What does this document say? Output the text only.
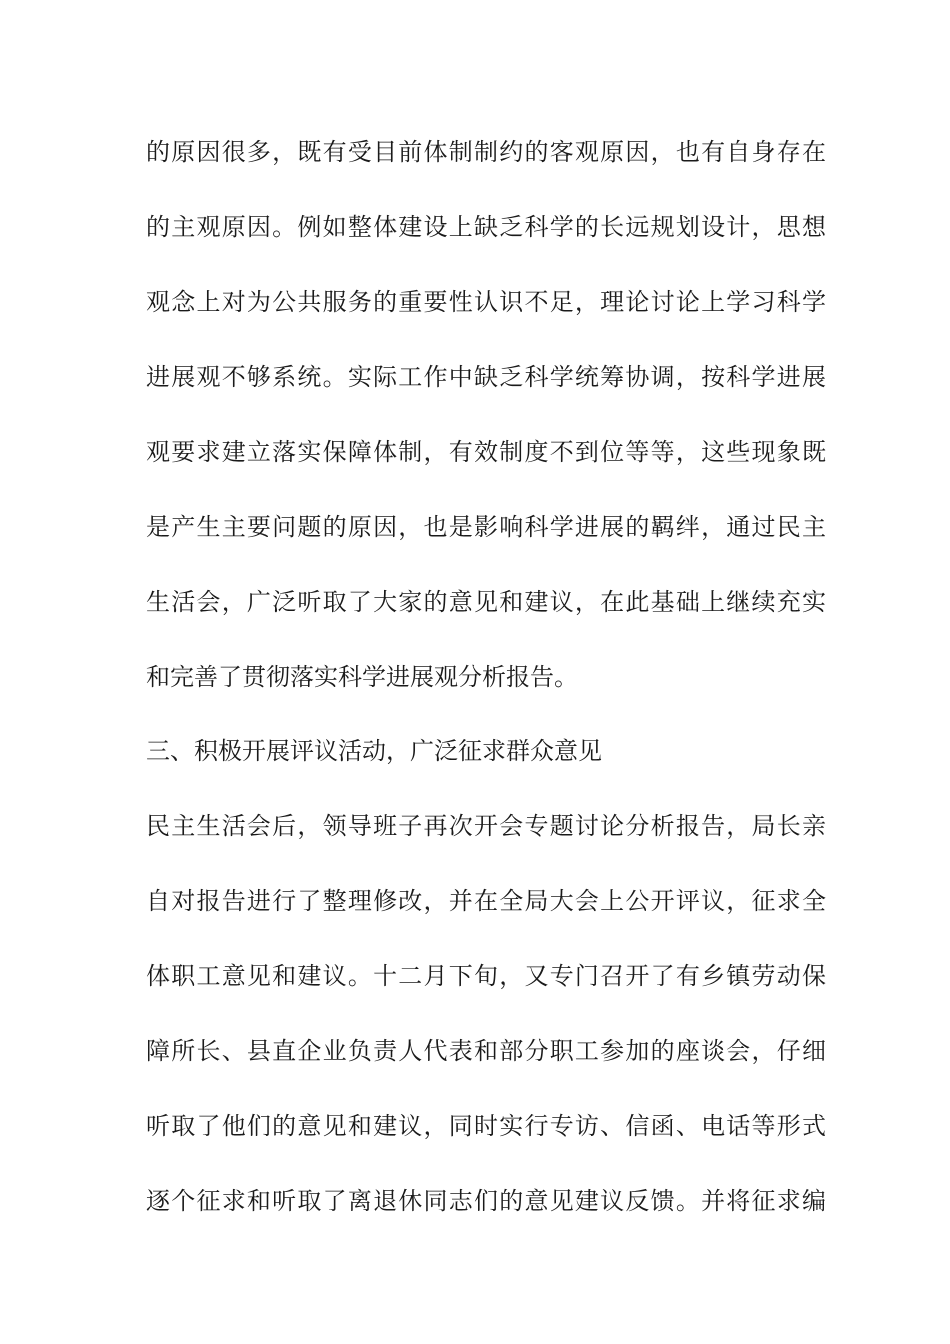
的原因很多，既有受目前体制制约的客观原因，也有自身存在
的主观原因。例如整体建设上缺乏科学的长远规划设计，思想
观念上对为公共服务的重要性认识不足，理论讨论上学习科学
进展观不够系统。实际工作中缺乏科学统筹协调，按科学进展
观要求建立落实保障体制，有效制度不到位等等，这些现象既
是产生主要问题的原因，也是影响科学进展的羁绊，通过民主
生活会，广泛听取了大家的意见和建议，在此基础上继续充实
和完善了贯彻落实科学进展观分析报告。
三、积极开展评议活动，广泛征求群众意见
民主生活会后，领导班子再次开会专题讨论分析报告，局长亲
自对报告进行了整理修改，并在全局大会上公开评议，征求全
体职工意见和建议。十二月下旬，又专门召开了有乡镇劳动保
障所长、县直企业负责人代表和部分职工参加的座谈会，仔细
听取了他们的意见和建议，同时实行专访、信函、电话等形式
逐个征求和听取了离退休同志们的意见建议反馈。并将征求编
